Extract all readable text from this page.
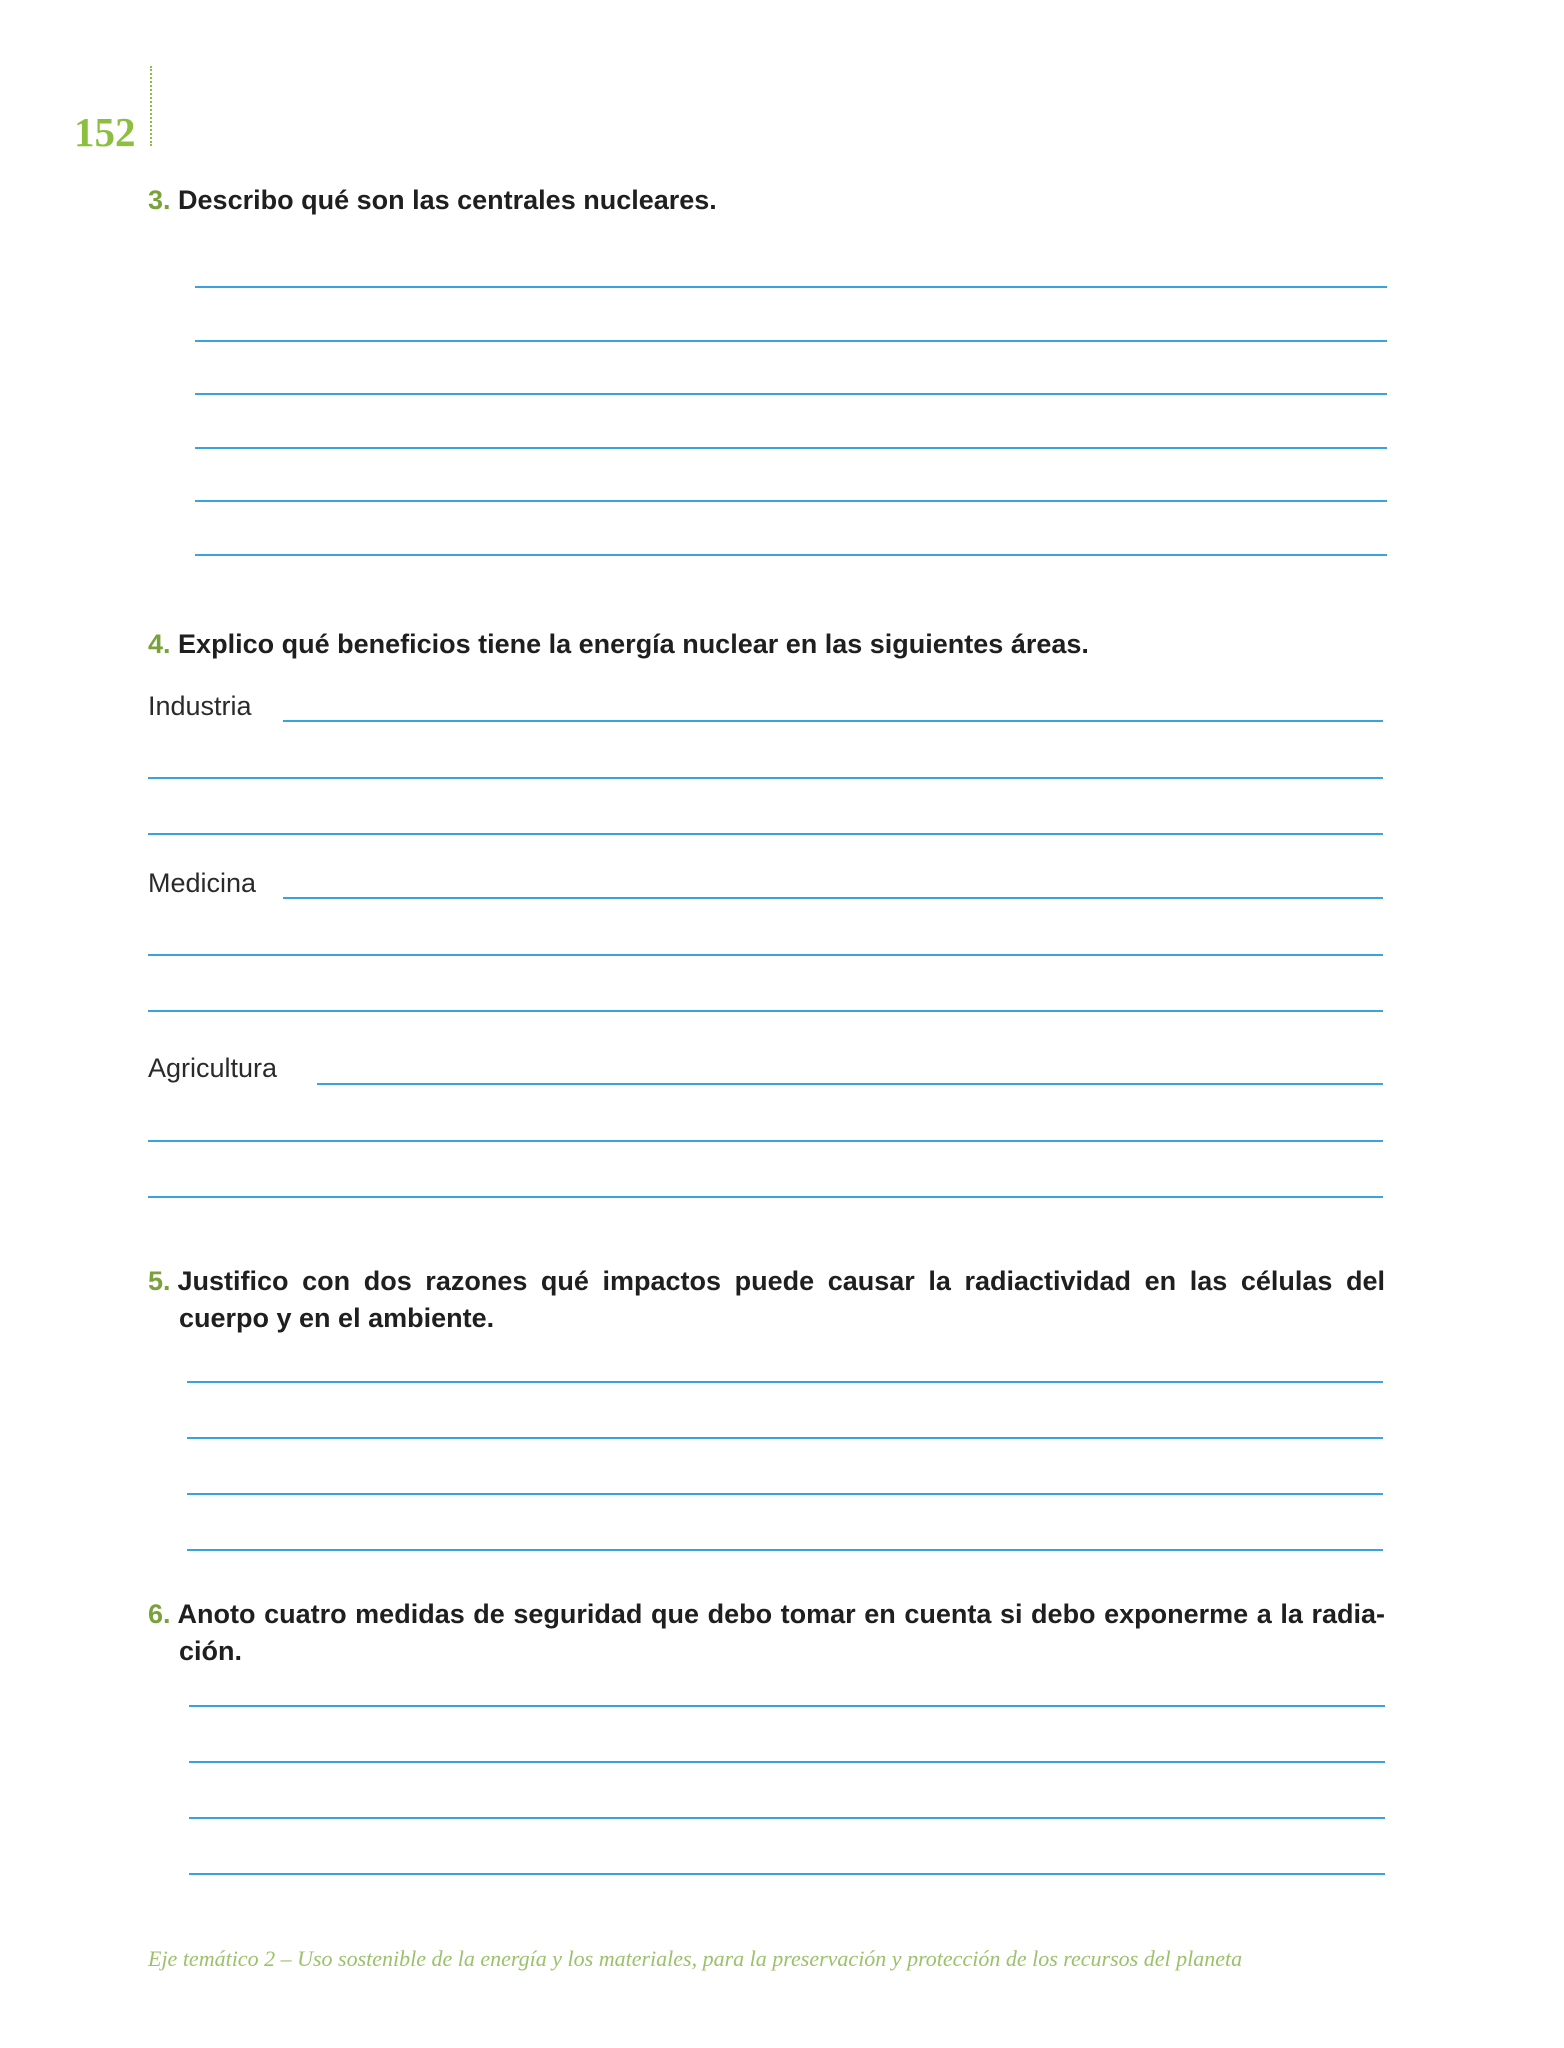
152
3. Describo qué son las centrales nucleares.
4. Explico qué beneficios tiene la energía nuclear en las siguientes áreas.
Industria
Medicina
Agricultura
5. Justifico con dos razones qué impactos puede causar la radiactividad en las células del
cuerpo y en el ambiente.
6. Anoto cuatro medidas de seguridad que debo tomar en cuenta si debo exponerme a la radia-
ción.
Eje temático 2 – Uso sostenible de la energía y los materiales, para la preservación y protección de los recursos del planeta
